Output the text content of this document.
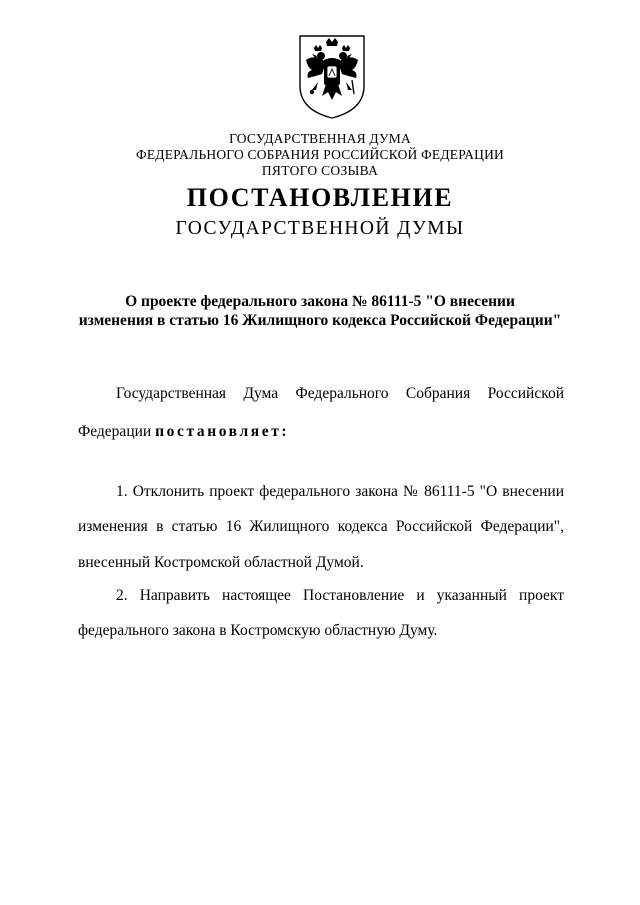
ГОСУДАРСТВЕННАЯ ДУМА
ФЕДЕРАЛЬНОГО СОБРАНИЯ РОССИЙСКОЙ ФЕДЕРАЦИИ
ПЯТОГО СОЗЫВА
ПОСТАНОВЛЕНИЕ
ГОСУДАРСТВЕННОЙ ДУМЫ
О проекте федерального закона № 86111-5 "О внесении
изменения в статью 16 Жилищного кодекса Российской Федерации"
Государственная Дума Федерального Собрания Российской
Федерации постановляет:
1. Отклонить проект федерального закона № 86111-5 "О внесении
изменения в статью 16 Жилищного кодекса Российской Федерации",
внесенный Костромской областной Думой.
2. Направить настоящее Постановление и указанный проект
федерального закона в Костромскую областную Думу.
